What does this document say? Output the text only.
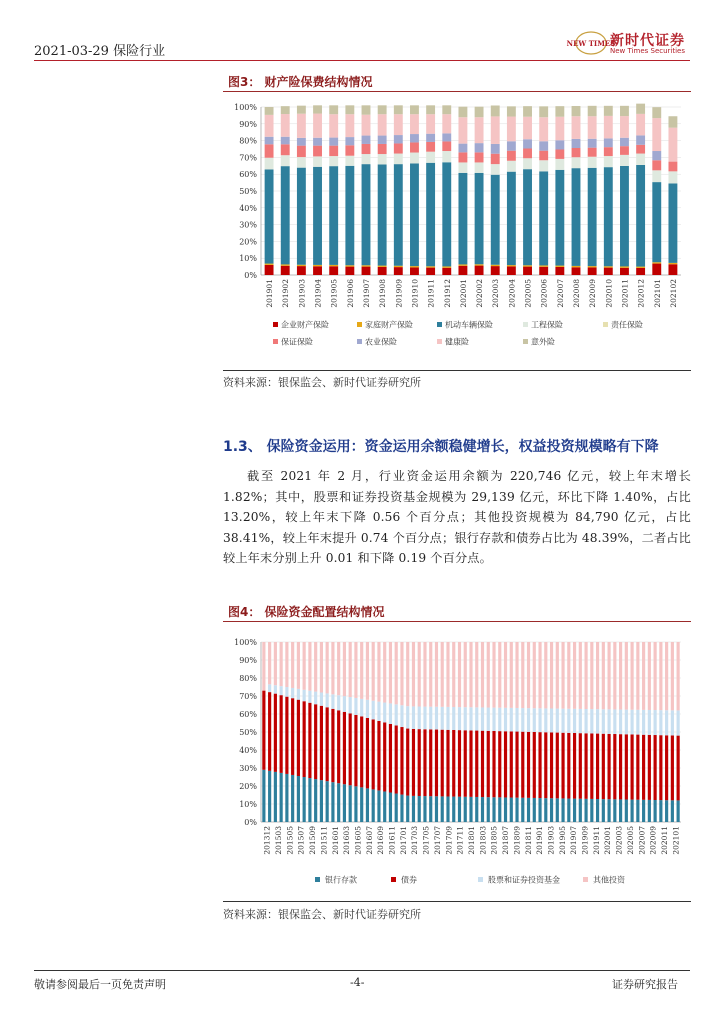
2021-03-29 保险行业
NEW TIMES
新时代证券
New Times Securities
图3： 财产险保费结构情况
0%
10%
20%
30%
40%
50%
60%
70%
80%
90%
100%
201901 201902 201903 201904 201905 201906 201907 201908 201909 201910 201911 201912 202001 202002 202003 202004 202005 202006 202007 202008 202009 202010 202011 202012 202101 202102
企业财产保险	家庭财产保险	机动车辆保险	工程保险	责任保险
保证保险	农业保险	健康险	意外险
资料来源：银保监会、新时代证券研究所
1.3、 保险资金运用：资金运用余额稳健增长，权益投资规模略有下降
截至 2021 年 2 月，行业资金运用余额为 220,746 亿元，较上年末增长 1.82%；其中，股票和证券投资基金规模为 29,139 亿元，环比下降 1.40%，占比 13.20%，较上年末下降 0.56 个百分点；其他投资规模为 84,790 亿元，占比 38.41%，较上年末提升 0.74 个百分点；银行存款和债券占比为 48.39%，二者占比较上年末分别上升 0.01 和下降 0.19 个百分点。
图4： 保险资金配置结构情况
0%
10%
20%
30%
40%
50%
60%
70%
80%
90%
100%
201312 201503 201505 201507 201509 201511 201601 201603 201605 201607 201609 201611 201701 201703 201705 201707 201709 201711 201801 201803 201805 201807 201809 201811 201901 201903 201905 201907 201909 201911 202001 202003 202005 202007 202009 202011 202101
银行存款	债券	股票和证券投资基金	其他投资
资料来源：银保监会、新时代证券研究所
敬请参阅最后一页免责声明	-4-	证券研究报告
